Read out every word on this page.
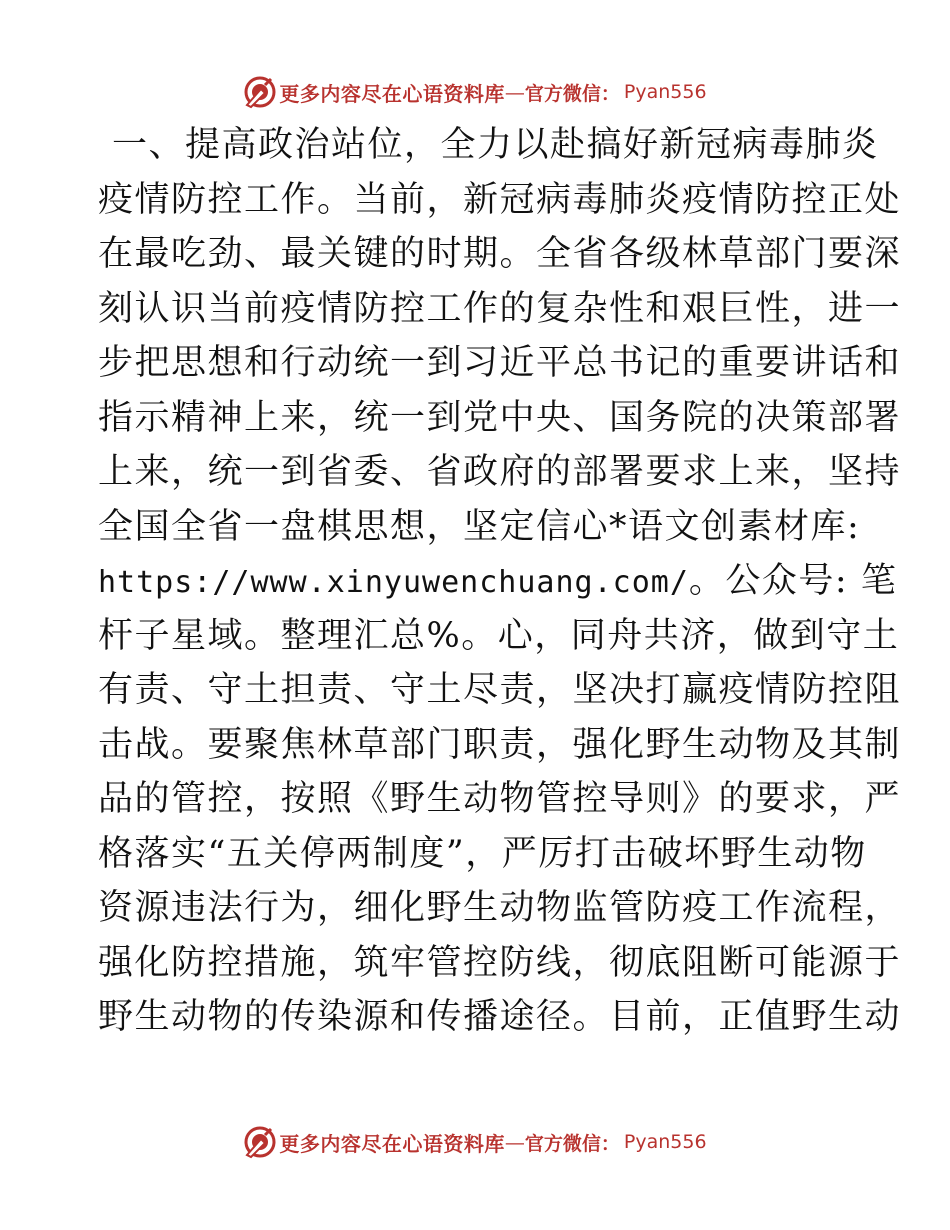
更多内容尽在心语资料库 — 官方微信： Pyan556
一、提高政治站位，全力以赴搞好新冠病毒肺炎
疫情防控工作。当前，新冠病毒肺炎疫情防控正处
在最吃劲、最关键的时期。全省各级林草部门要深
刻认识当前疫情防控工作的复杂性和艰巨性，进一
步把思想和行动统一到习近平总书记的重要讲话和
指示精神上来，统一到党中央、国务院的决策部署
上来，统一到省委、省政府的部署要求上来，坚持
全国全省一盘棋思想，坚定信心*语文创素材库:
https://www.xinyuwenchuang.com/。公众号: 笔
杆子星域。整理汇总%。心，同舟共济，做到守土
有责、守土担责、守土尽责，坚决打赢疫情防控阻
击战。要聚焦林草部门职责，强化野生动物及其制
品的管控，按照《野生动物管控导则》的要求，严
格落实“五关停两制度”，严厉打击破坏野生动物
资源违法行为，细化野生动物监管防疫工作流程，
强化防控措施，筑牢管控防线，彻底阻断可能源于
野生动物的传染源和传播途径。目前，正值野生动
更多内容尽在心语资料库 — 官方微信： Pyan556
